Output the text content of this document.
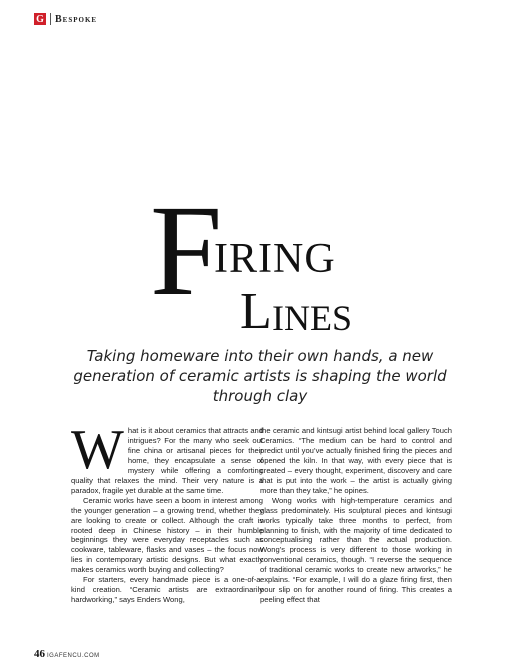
G Bespoke
F
IRING
L INES
Taking homeware into their own hands, a new generation of ceramic artists is shaping the world through clay

What is it about ceramics that attracts and intrigues? For the many who seek out fine china or artisanal pieces for their home, they encapsulate a sense of mystery while offering a comforting quality that relaxes the mind. Their very nature is a paradox, fragile yet durable at the same time.

Ceramic works have seen a boom in interest among the younger generation – a growing trend, whether they are looking to create or collect. Although the craft is rooted deep in Chinese history – in their humble beginnings they were everyday receptacles such as cookware, tableware, flasks and vases – the focus now lies in contemporary artistic designs. But what exactly makes ceramics worth buying and collecting?

For starters, every handmade piece is a one-of-a-kind creation. “Ceramic artists are extraordinarily hardworking,” says Enders Wong,

the ceramic and kintsugi artist behind local gallery Touch Ceramics. “The medium can be hard to control and predict until you’ve actually finished firing the pieces and opened the kiln. In that way, with every piece that is created – every thought, experiment, discovery and care that is put into the work – the artist is actually giving more than they take,” he opines.

Wong works with high-temperature ceramics and glass predominately. His sculptural pieces and kintsugi works typically take three months to perfect, from planning to finish, with the majority of time dedicated to conceptualising rather than the actual production. Wong’s process is very different to those working in conventional ceramics, though. “I reverse the sequence of traditional ceramic works to create new artworks,” he explains. “For example, I will do a glaze firing first, then pour slip on for another round of firing. This creates a peeling effect that

46 IGAFENCU.COM
